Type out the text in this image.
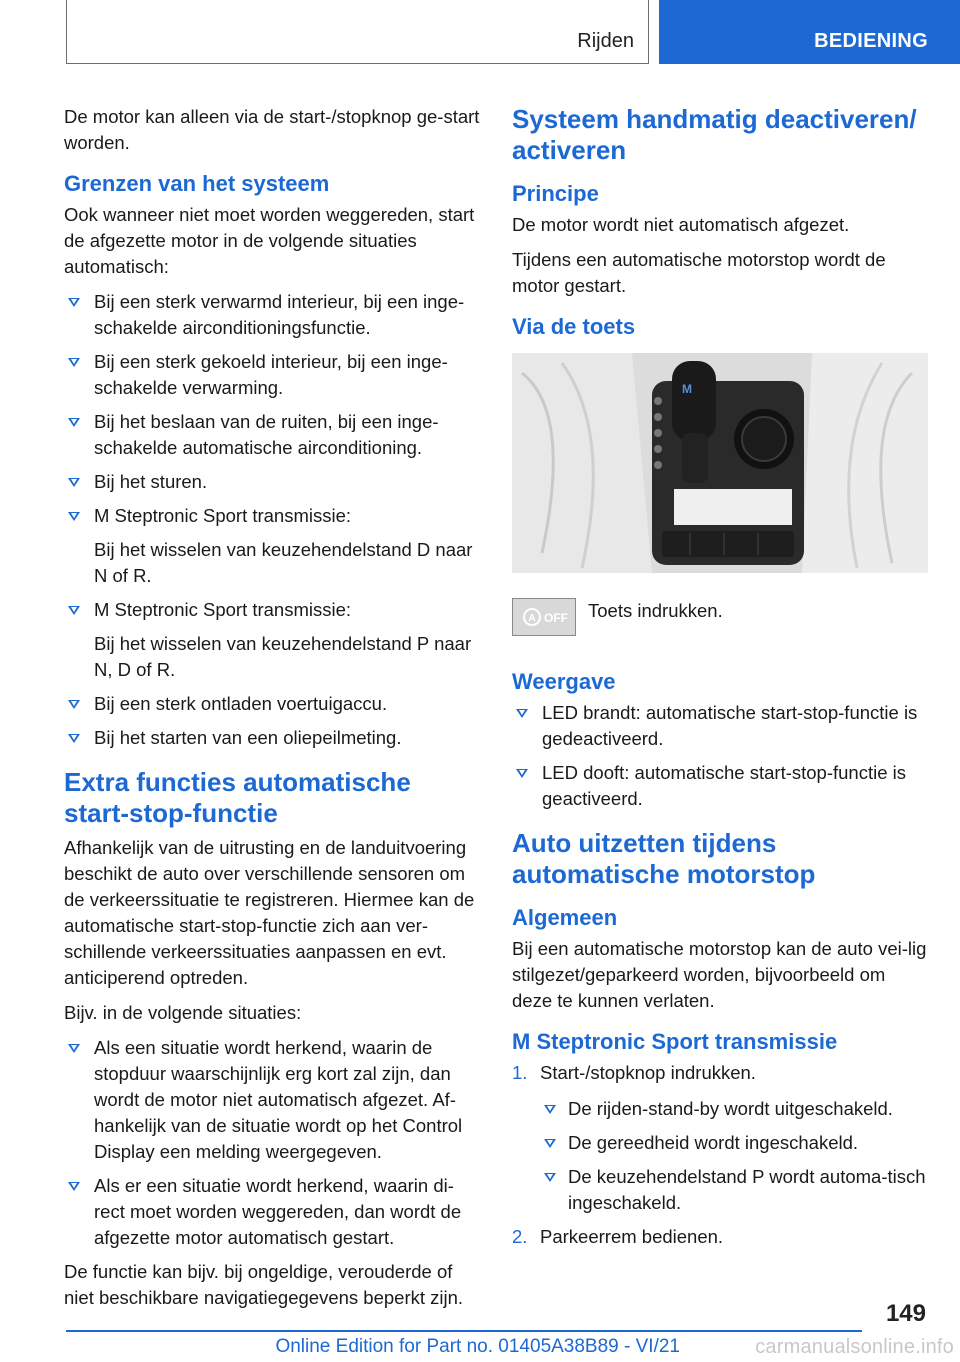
Rijden	BEDIENING

De motor kan alleen via de start-/stopknop ge-start worden.

Grenzen van het systeem

Ook wanneer niet moet worden weggereden, start de afgezette motor in de volgende situaties automatisch:

Bij een sterk verwarmd interieur, bij een inge-schakelde airconditioningsfunctie.
Bij een sterk gekoeld interieur, bij een inge-schakelde verwarming.
Bij het beslaan van de ruiten, bij een inge-schakelde automatische airconditioning.
Bij het sturen.

M Steptronic Sport transmissie:

Bij het wisselen van keuzehendelstand D naar N of R.

M Steptronic Sport transmissie:

Bij het wisselen van keuzehendelstand P naar N, D of R.

Bij een sterk ontladen voertuigaccu.
Bij het starten van een oliepeilmeting.
Extra functies automatische start-stop-functie

Afhankelijk van de uitrusting en de landuitvoering beschikt de auto over verschillende sensoren om de verkeerssituatie te registreren. Hiermee kan de automatische start-stop-functie zich aan ver-schillende verkeerssituaties aanpassen en evt. anticiperend optreden.

Bijv. in de volgende situaties:

Als een situatie wordt herkend, waarin de stopduur waarschijnlijk erg kort zal zijn, dan wordt de motor niet automatisch afgezet. Af-hankelijk van de situatie wordt op het Control Display een melding weergegeven.
Als er een situatie wordt herkend, waarin di-rect moet worden weggereden, dan wordt de afgezette motor automatisch gestart.

De functie kan bijv. bij ongeldige, verouderde of niet beschikbare navigatiegegevens beperkt zijn.

Systeem handmatig deactiveren/ activeren
Principe

De motor wordt niet automatisch afgezet.

Tijdens een automatische motorstop wordt de motor gestart.

Via de toets
M
A OFF Toets indrukken.

Weergave
LED brandt: automatische start-stop-functie is gedeactiveerd.
LED dooft: automatische start-stop-functie is geactiveerd.
Auto uitzetten tijdens automatische motorstop
Algemeen

Bij een automatische motorstop kan de auto vei-lig stilgezet/geparkeerd worden, bijvoorbeeld om deze te kunnen verlaten.

M Steptronic Sport transmissie
1. Start-/stopknop indrukken.
De rijden-stand-by wordt uitgeschakeld.
De gereedheid wordt ingeschakeld.
De keuzehendelstand P wordt automa-tisch ingeschakeld.
2. Parkeerrem bedienen.
149
Online Edition for Part no. 01405A38B89 - VI/21	carmanualsonline.info
